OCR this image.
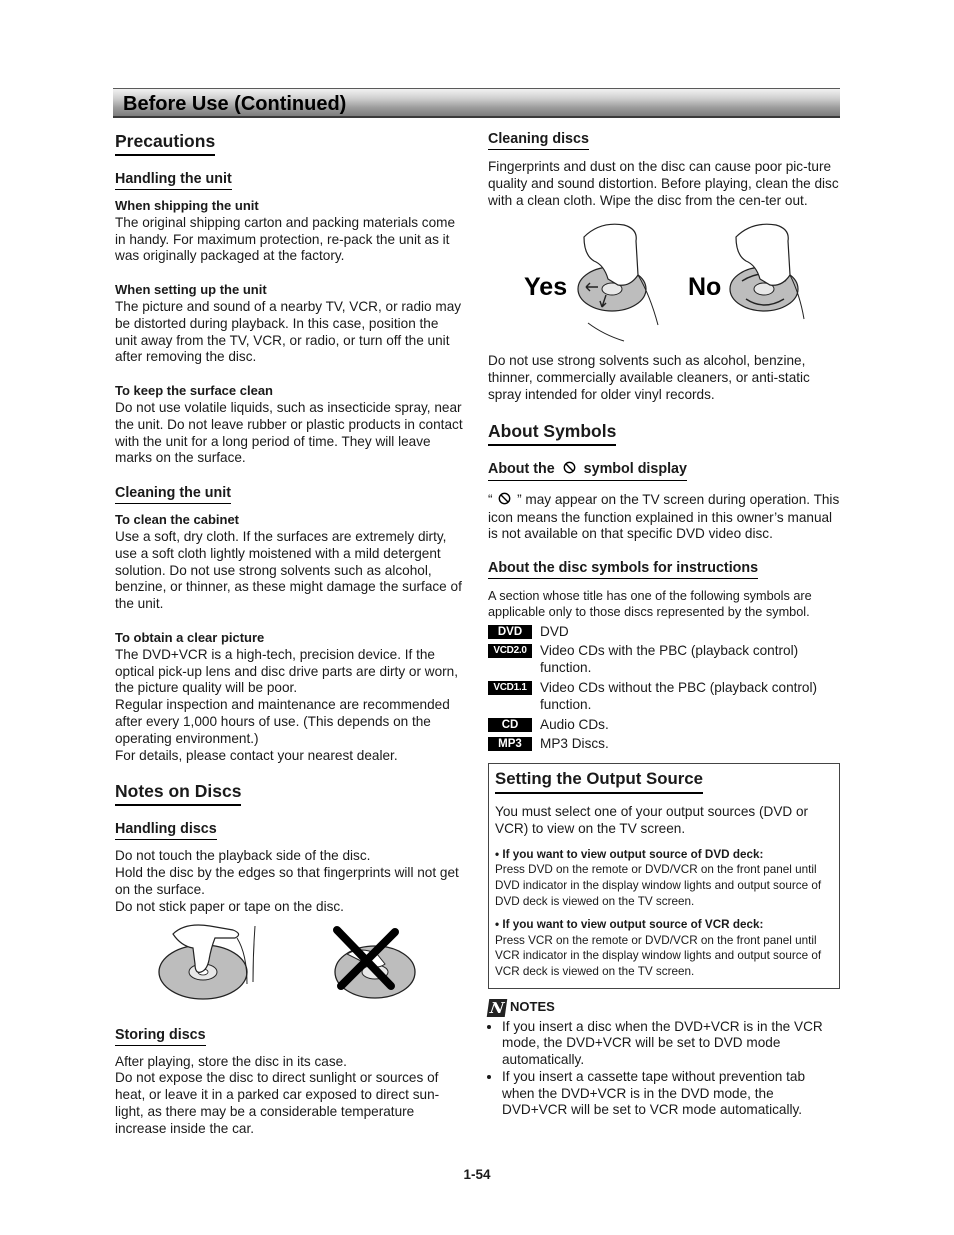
Before Use (Continued)
Precautions
Handling the unit
When shipping the unit

The original shipping carton and packing materials come in handy. For maximum protection, re-pack the unit as it was originally packaged at the factory.

When setting up the unit

The picture and sound of a nearby TV, VCR, or radio may be distorted during playback. In this case, position the unit away from the TV, VCR, or radio, or turn off the unit after removing the disc.

To keep the surface clean

Do not use volatile liquids, such as insecticide spray, near the unit. Do not leave rubber or plastic products in contact with the unit for a long period of time. They will leave marks on the surface.

Cleaning the unit
To clean the cabinet

Use a soft, dry cloth. If the surfaces are extremely dirty, use a soft cloth lightly moistened with a mild detergent solution. Do not use strong solvents such as alcohol, benzine, or thinner, as these might damage the surface of the unit.

To obtain a clear picture

The DVD+VCR is a high-tech, precision device. If the optical pick-up lens and disc drive parts are dirty or worn, the picture quality will be poor.

Regular inspection and maintenance are recommended after every 1,000 hours of use. (This depends on the operating environment.)

For details, please contact your nearest dealer.

Notes on Discs
Handling discs

Do not touch the playback side of the disc.

Hold the disc by the edges so that fingerprints will not get on the surface.

Do not stick paper or tape on the disc.

Storing discs

After playing, store the disc in its case.

Do not expose the disc to direct sunlight or sources of heat, or leave it in a parked car exposed to direct sun-light, as there may be a considerable temperature increase inside the car.

Cleaning discs

Fingerprints and dust on the disc can cause poor pic-ture quality and sound distortion. Before playing, clean the disc with a clean cloth. Wipe the disc from the cen-ter out.

Yes	No

Do not use strong solvents such as alcohol, benzine, thinner, commercially available cleaners, or anti-static spray intended for older vinyl records.

About Symbols
About the symbol display

“ ” may appear on the TV screen during operation. This icon means the function explained in this owner’s manual is not available on that specific DVD video disc.

About the disc symbols for instructions

A section whose title has one of the following symbols are applicable only to those discs represented by the symbol.

DVD	DVD
VCD2.0 Video CDs with the PBC (playback control) function.
VCD1.1 Video CDs without the PBC (playback control) function.
CD	Audio CDs.
MP3	MP3 Discs.
Setting the Output Source

You must select one of your output sources (DVD or VCR) to view on the TV screen.

• If you want to view output source of DVD deck:

Press DVD on the remote or DVD/VCR on the front panel until DVD indicator in the display window lights and output source of DVD deck is viewed on the TV screen.

• If you want to view output source of VCR deck:

Press VCR on the remote or DVD/VCR on the front panel until VCR indicator in the display window lights and output source of VCR deck is viewed on the TV screen.

N NOTES
• If you insert a disc when the DVD+VCR is in the VCR mode, the DVD+VCR will be set to DVD mode automatically.
• If you insert a cassette tape without prevention tab when the DVD+VCR is in the DVD mode, the DVD+VCR will be set to VCR mode automatically.
1-54
